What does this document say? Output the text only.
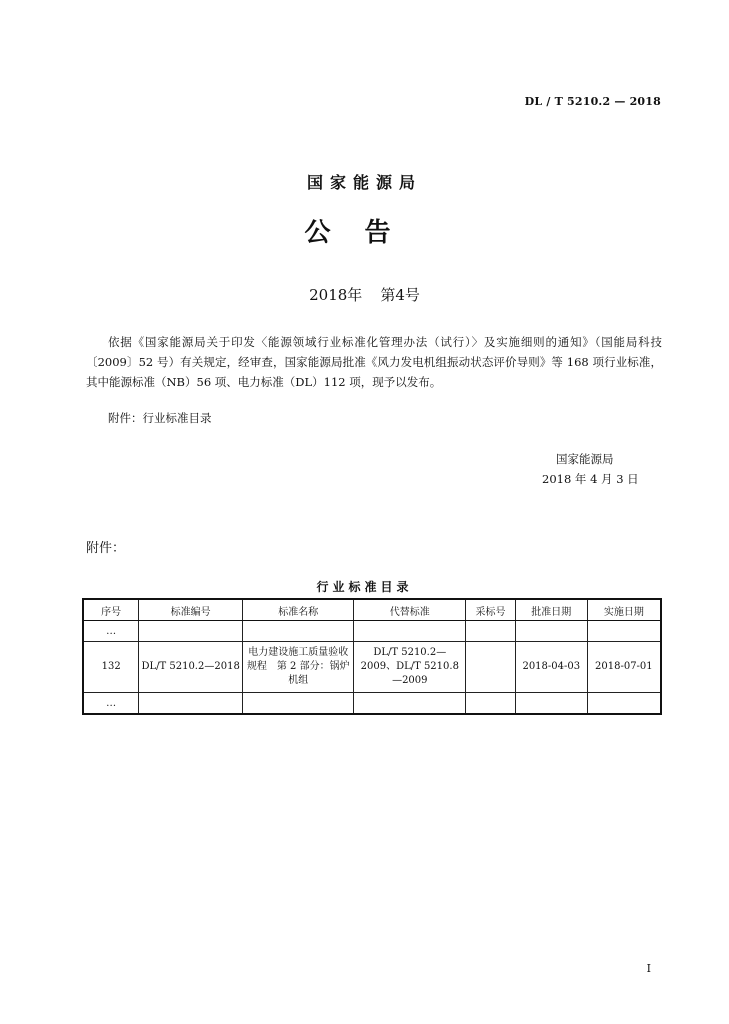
DL / T 5210.2 — 2018
国家能源局
公告
2018年 第4号
依据《国家能源局关于印发〈能源领域行业标准化管理办法（试行）〉及实施细则的通知》（国能局科技〔2009〕52 号）有关规定，经审查，国家能源局批准《风力发电机组振动状态评价导则》等 168 项行业标准，其中能源标准（NB）56 项、电力标准（DL）112 项，现予以发布。
附件：行业标准目录
国家能源局
2018 年 4 月 3 日
附件：
行业标准目录
序号	标准编号	标准名称	代替标准	采标号	批准日期	实施日期
…						
132	DL/T 5210.2—2018	电力建设施工质量验收规程　第 2 部分：锅炉机组	DL/T 5210.2—2009、DL/T 5210.8—2009		2018-04-03	2018-07-01
…						
I
